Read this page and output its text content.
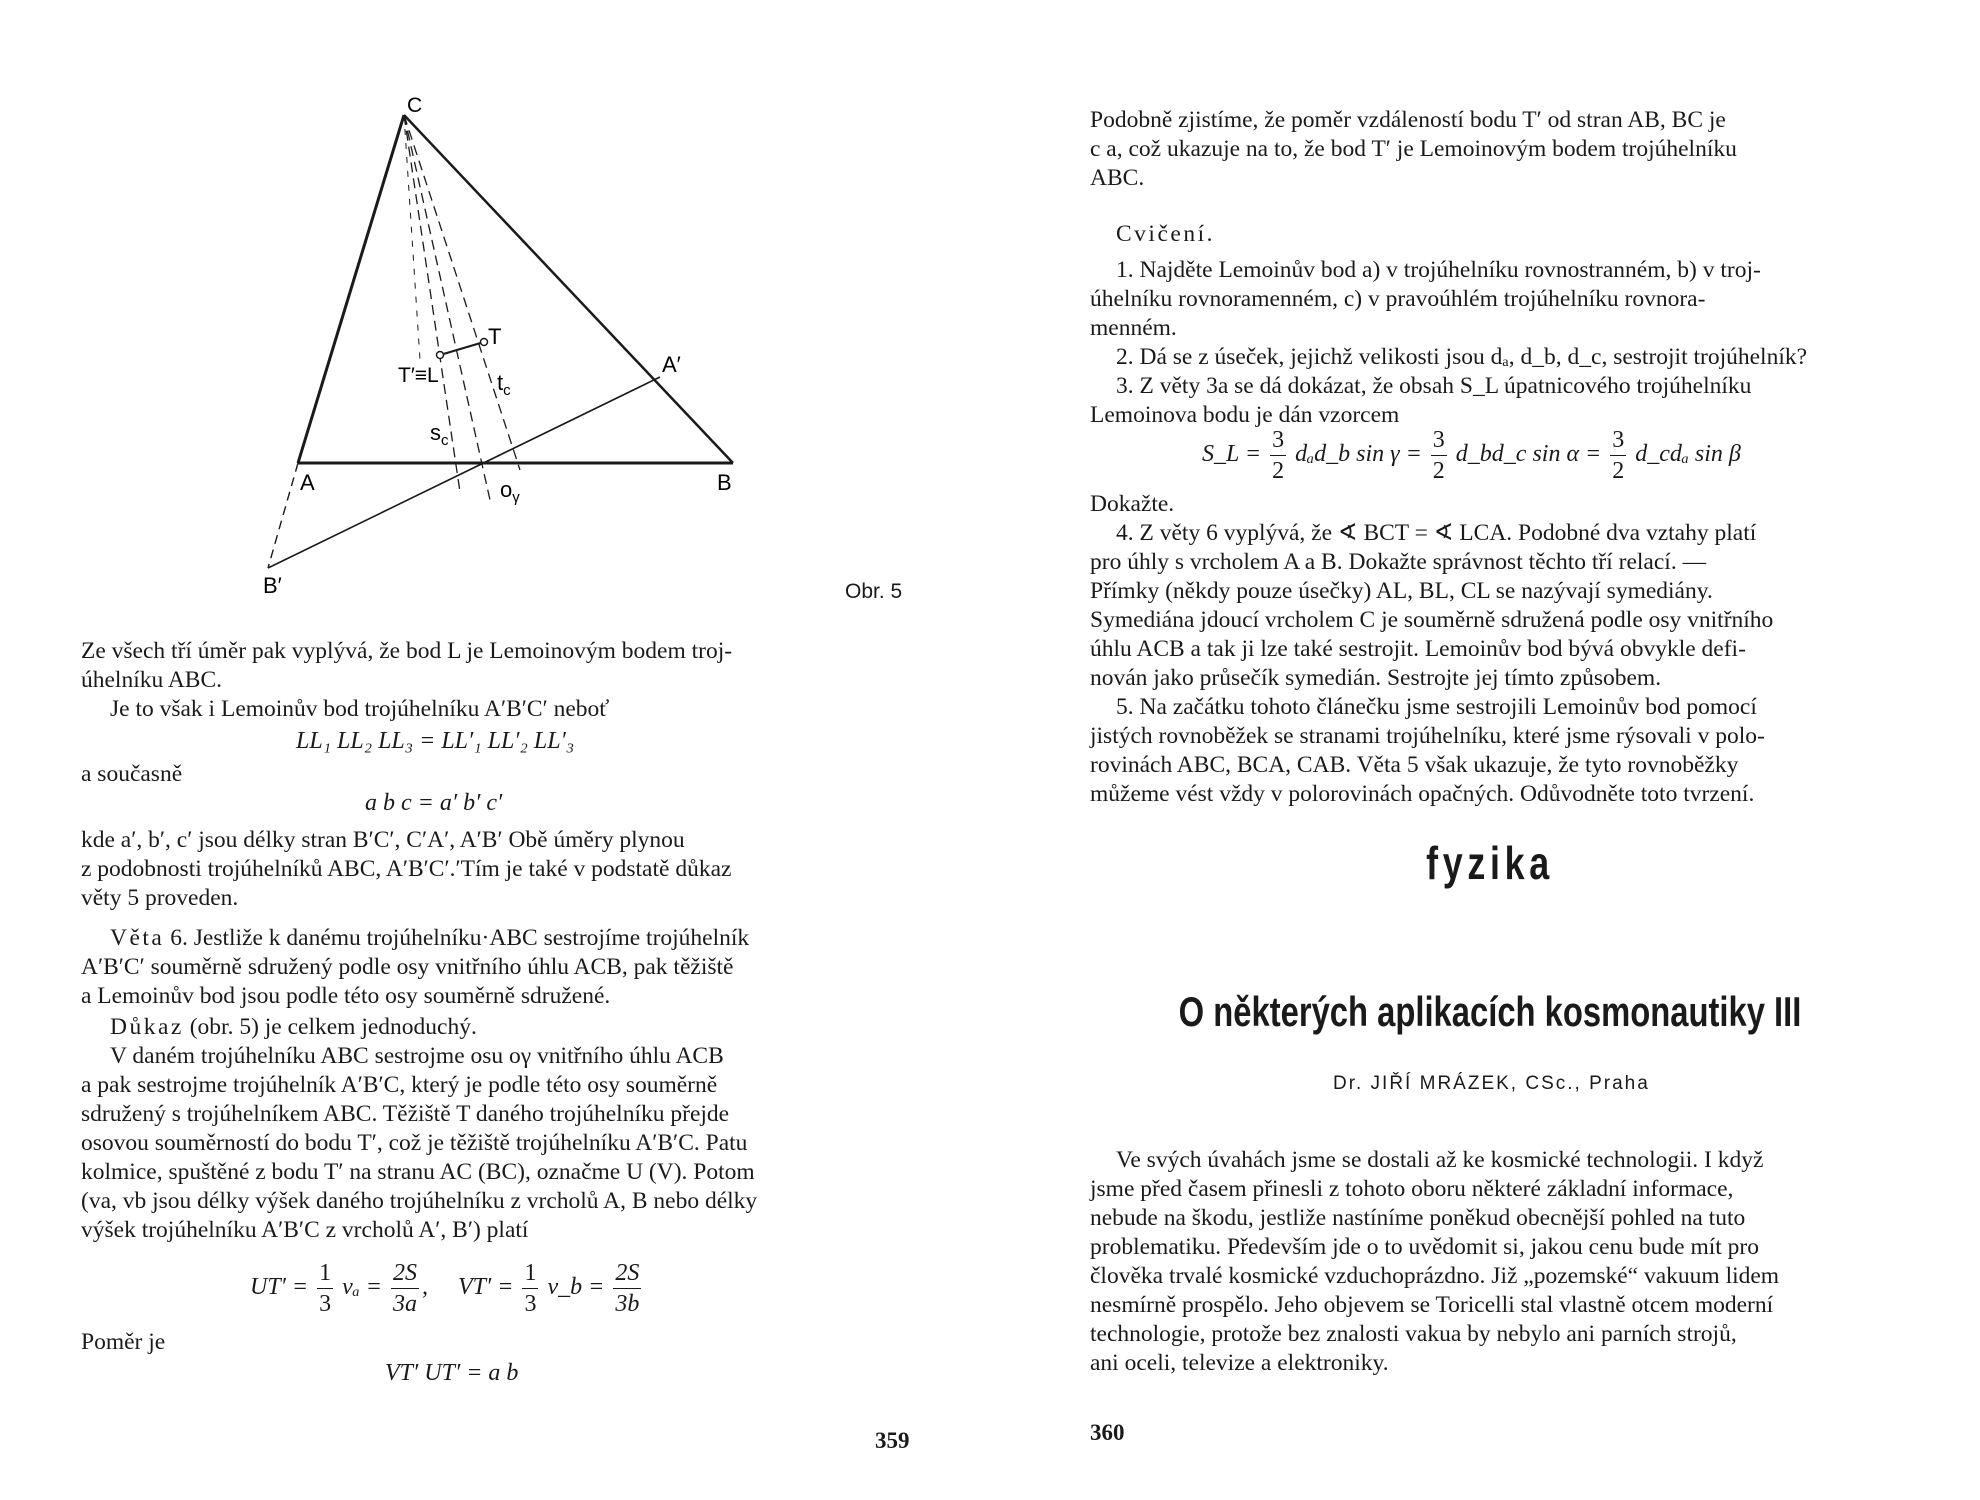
C
A	B
A′
B′
T
T′≡L	$t_c$
$s_c$
$o_\gamma$
Obr. 5
Ze všech tří úměr pak vyplývá, že bod L je Lemoinovým bodem troj-
úhelníku ABC.
Je to však i Lemoinův bod trojúhelníku A′B′C′ neboť
LL₁ LL₂ LL₃ = LL′₁ LL′₂ LL′₃
a současně
a b c = a′ b′ c′
kde a′, b′, c′ jsou délky stran B′C′, C′A′, A′B′ Obě úměry plynou
z podobnosti trojúhelníků ABC, A′B′C′.′Tím je také v podstatě důkaz
věty 5 proveden.
Věta 6. Jestliže k danému trojúhelníku·ABC sestrojíme trojúhelník
A′B′C′ souměrně sdružený podle osy vnitřního úhlu ACB, pak těžiště
a Lemoinův bod jsou podle této osy souměrně sdružené.
Důkaz (obr. 5) je celkem jednoduchý.
V daném trojúhelníku ABC sestrojme osu oγ vnitřního úhlu ACB
a pak sestrojme trojúhelník A′B′C, který je podle této osy souměrně
sdružený s trojúhelníkem ABC. Těžiště T daného trojúhelníku přejde
osovou souměrností do bodu T′, což je těžiště trojúhelníku A′B′C. Patu
kolmice, spuštěné z bodu T′ na stranu AC (BC), označme U (V). Potom
(va, vb jsou délky výšek daného trojúhelníku z vrcholů A, B nebo délky
výšek trojúhelníku A′B′C z vrcholů A′, B′) platí
$UT' = \frac{1}{3}$ $v_a = \frac{2S}{3a}$ , $VT' = \frac{1}{3}$ v_b = $\frac{2S}{3b}$
Poměr je
VT′ UT′ = a b
359
Podobně zjistíme, že poměr vzdáleností bodu T′ od stran AB, BC je
c a, což ukazuje na to, že bod T′ je Lemoinovým bodem trojúhelníku
ABC.
Cvičení.
1. Najděte Lemoinův bod a) v trojúhelníku rovnostranném, b) v troj-
úhelníku rovnoramenném, c) v pravoúhlém trojúhelníku rovnora-
menném.
2. Dá se z úseček, jejichž velikosti jsou dₐ, d_b, d_c, sestrojit trojúhelník?
3. Z věty 3a se dá dokázat, že obsah S_L úpatnicového trojúhelníku
Lemoinova bodu je dán vzorcem
S_L = $\frac{3}{2}$ dₐd_b $\sin \gamma = \frac{3}{2}$ d_bd_c $\sin \alpha = \frac{3}{2}$ d_cdₐ sin β
Dokažte.
4. Z věty 6 vyplývá, že ∢ BCT = ∢ LCA. Podobné dva vztahy platí
pro úhly s vrcholem A a B. Dokažte správnost těchto tří relací. —
Přímky (někdy pouze úsečky) AL, BL, CL se nazývají symediány.
Symediána jdoucí vrcholem C je souměrně sdružená podle osy vnitřního
úhlu ACB a tak ji lze také sestrojit. Lemoinův bod bývá obvykle defi-
nován jako průsečík symedián. Sestrojte jej tímto způsobem.
5. Na začátku tohoto článečku jsme sestrojili Lemoinův bod pomocí
jistých rovnoběžek se stranami trojúhelníku, které jsme rýsovali v polo-
rovinách ABC, BCA, CAB. Věta 5 však ukazuje, že tyto rovnoběžky
můžeme vést vždy v polorovinách opačných. Odůvodněte toto tvrzení.
fyzika
O některých aplikacích kosmonautiky III
Dr. JIŘÍ MRÁZEK, CSc., Praha
Ve svých úvahách jsme se dostali až ke kosmické technologii. I když
jsme před časem přinesli z tohoto oboru některé základní informace,
nebude na škodu, jestliže nastíníme poněkud obecnější pohled na tuto
problematiku. Především jde o to uvědomit si, jakou cenu bude mít pro
člověka trvalé kosmické vzduchoprázdno. Již „pozemské“ vakuum lidem
nesmírně prospělo. Jeho objevem se Toricelli stal vlastně otcem moderní
technologie, protože bez znalosti vakua by nebylo ani parních strojů,
ani oceli, televize a elektroniky.
360
